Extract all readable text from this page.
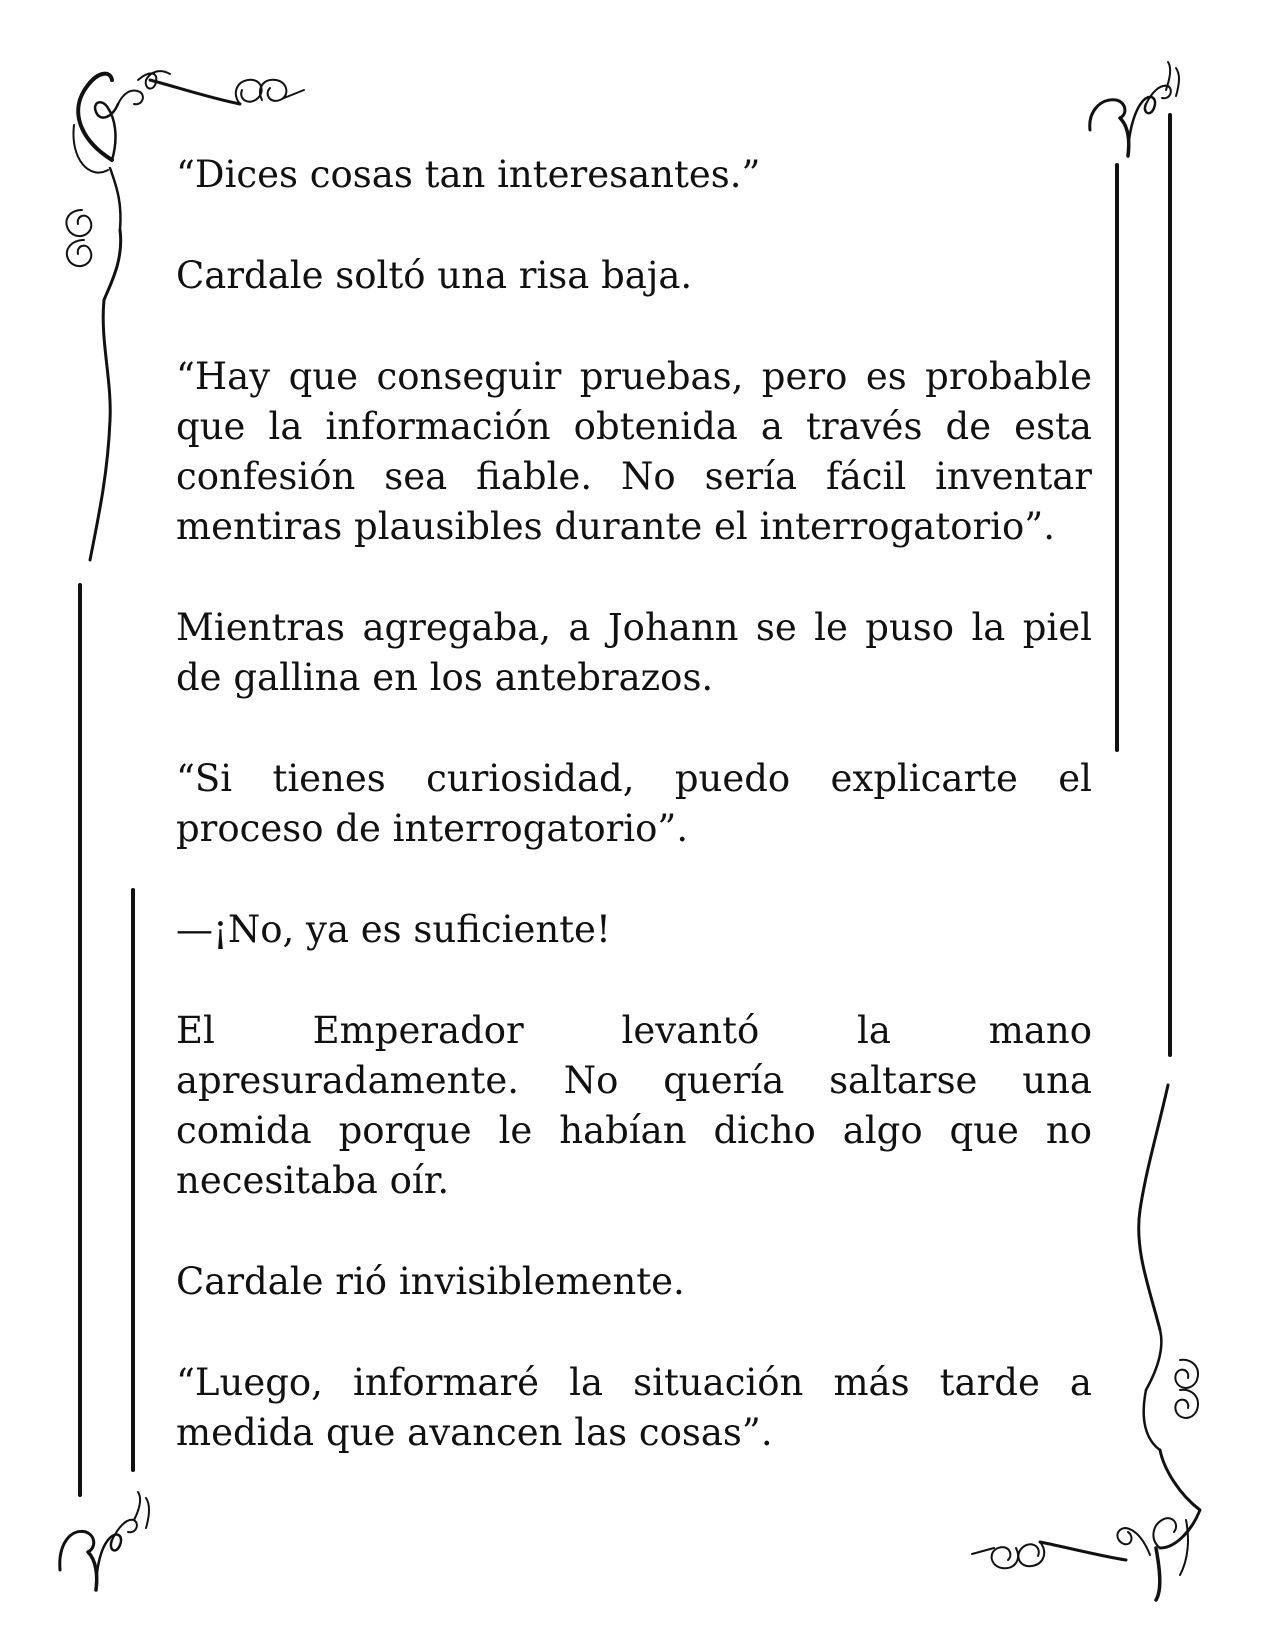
“Dices cosas tan interesantes.”

Cardale soltó una risa baja.

“Hay que conseguir pruebas, pero es probable que la información obtenida a través de esta confesión sea fiable. No sería fácil inventar mentiras plausibles durante el interrogatorio”.

Mientras agregaba, a Johann se le puso la piel de gallina en los antebrazos.

“Si tienes curiosidad, puedo explicarte el proceso de interrogatorio”.

—¡No, ya es suficiente!

El Emperador levantó la mano apresuradamente. No quería saltarse una comida porque le habían dicho algo que no necesitaba oír.

Cardale rió invisiblemente.

“Luego, informaré la situación más tarde a medida que avancen las cosas”.
